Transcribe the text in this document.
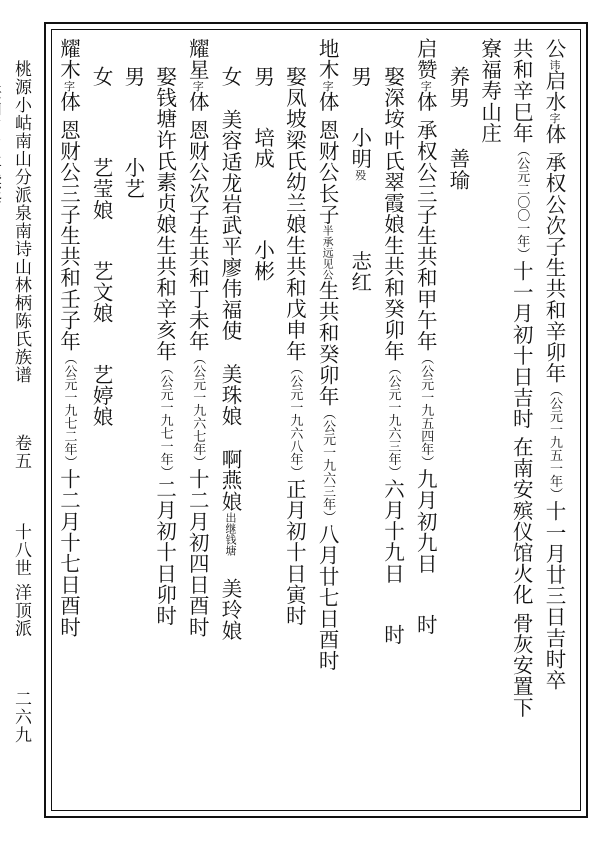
桃源小岵南山分派泉南诗山林柄陈氏族谱 卷五 十八世 洋顶派 二六九
公讳启水字体 承权公次子生共和辛卯年（公元一九五一年）十一月廿三日吉时卒
共和辛巳年（公元二〇〇一年）十一月初十日吉时 在南安殡仪馆火化 骨灰安置下
寮福寿山庄
养男善瑜
启赞字体 承权公三子生共和甲午年（公元一九五四年）九月初九日时
娶深垵叶氏翠霞娘生共和癸卯年（公元一九六三年）六月十九日时
男小明殁志红
地木字体 恩财公长子半承远见公生共和癸卯年（公元一九六三年）八月廿七日酉时
娶凤坡梁氏幼兰娘生共和戊申年（公元一九六八年）正月初十日寅时
男培成小彬
女美容适龙岩武平廖伟福使美珠娘啊燕娘出继钱塘美玲娘
耀星字体 恩财公次子生共和丁未年（公元一九六七年）十二月初四日酉时
娶钱塘许氏素贞娘生共和辛亥年（公元一九七一年）二月初十日卯时
男小艺
女艺莹娘艺文娘艺婷娘
耀木字体 恩财公三子生共和壬子年（公元一九七二年）十二月十七日酉时
